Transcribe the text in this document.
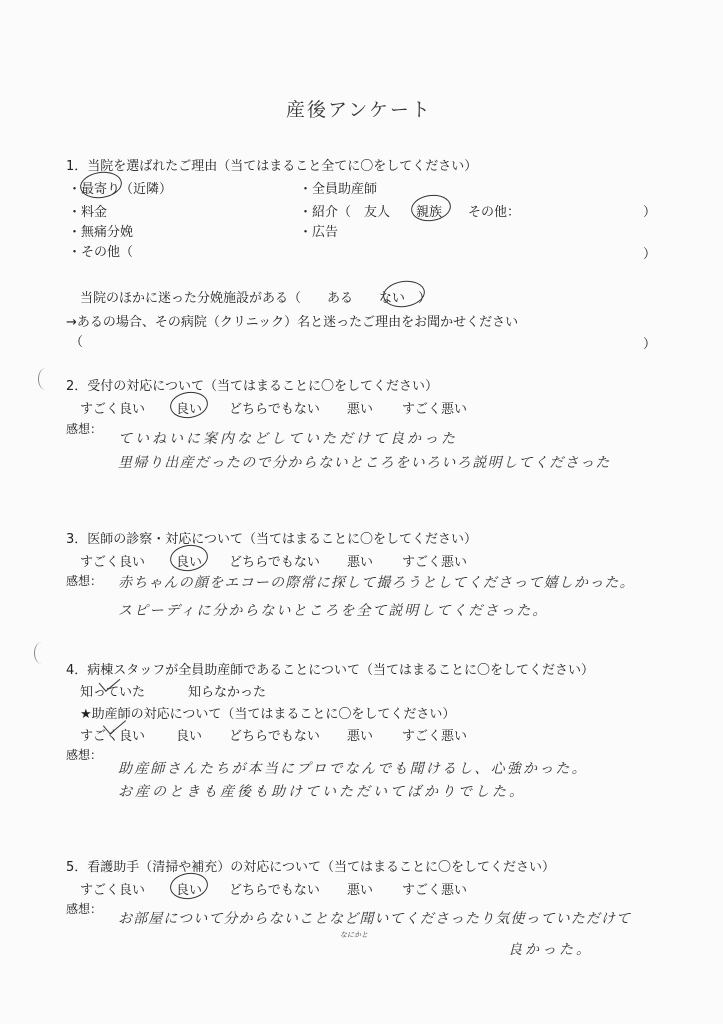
産後アンケート
1．当院を選ばれたご理由（当てはまること全てに〇をしてください）
・最寄り（近隣）	・全員助産師
・料金	・紹介（　友人　　親族　　その他：	）
・無痛分娩	・広告
・その他（	）
当院のほかに迷った分娩施設がある（　　ある　　ない　）
→あるの場合、その病院（クリニック）名と迷ったご理由をお聞かせください
（	）
2．受付の対応について（当てはまることに〇をしてください）
すごく良い 良い どちらでもない 悪い すごく悪い
感想：
ていねいに案内などしていただけて良かった
里帰り出産だったので分からないところをいろいろ説明してくださった
3．医師の診察・対応について（当てはまることに〇をしてください）
すごく良い 良い どちらでもない 悪い すごく悪い
感想： 赤ちゃんの顔をエコーの際常に探して撮ろうとしてくださって嬉しかった。
スピーディに分からないところを全て説明してくださった。
4．病棟スタッフが全員助産師であることについて（当てはまることに〇をしてください）
知っていた	知らなかった
★助産師の対応について（当てはまることに〇をしてください）
すごく良い 良い どちらでもない 悪い すごく悪い
感想：
助産師さんたちが本当にプロでなんでも聞けるし、心強かった。
お産のときも産後も助けていただいてばかりでした。
5．看護助手（清掃や補充）の対応について（当てはまることに〇をしてください）
すごく良い 良い どちらでもない 悪い すごく悪い
感想：
お部屋について分からないことなど聞いてくださったり気使っていただけて
なにかと
良かった。
